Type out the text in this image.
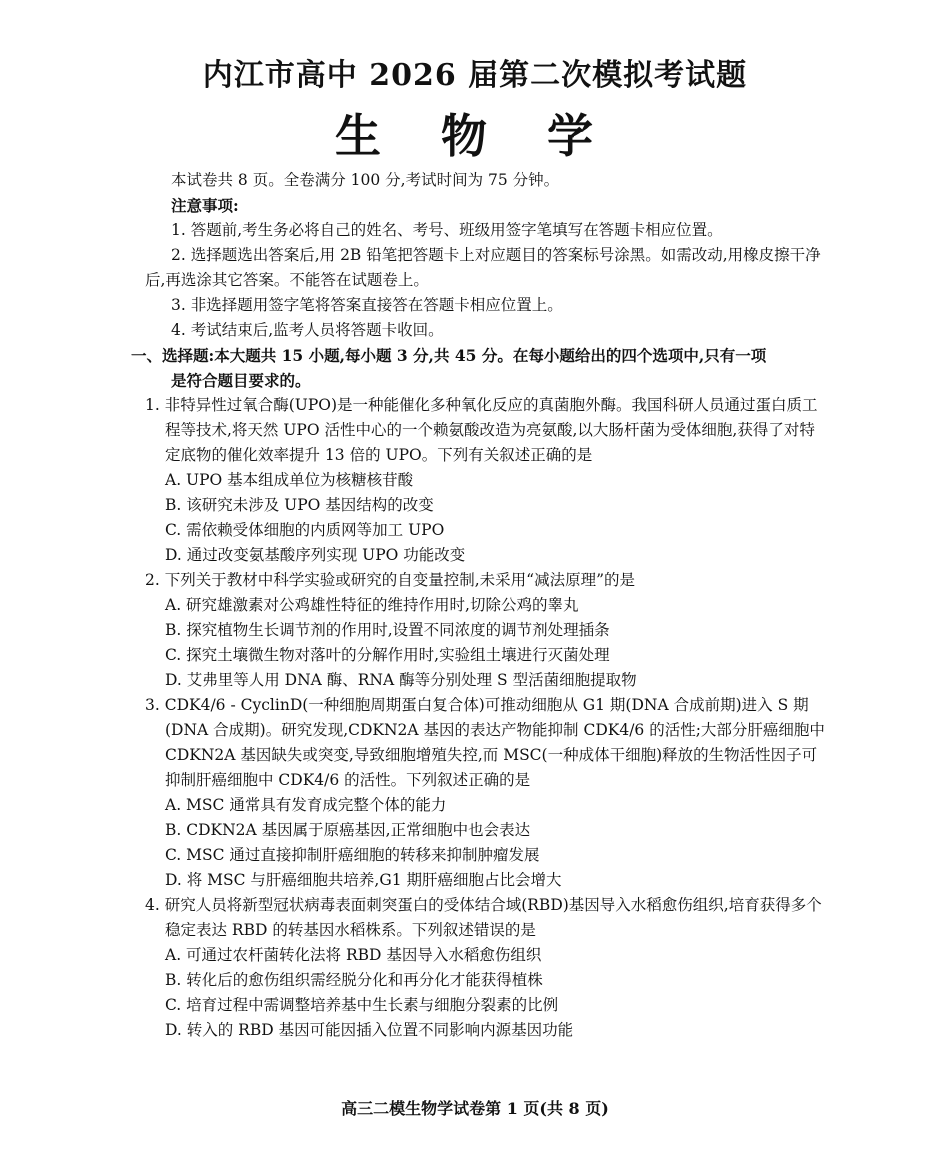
内江市高中 2026 届第二次模拟考试题
生 物 学
本试卷共 8 页。全卷满分 100 分,考试时间为 75 分钟。
注意事项:
1. 答题前,考生务必将自己的姓名、考号、班级用签字笔填写在答题卡相应位置。
2. 选择题选出答案后,用 2B 铅笔把答题卡上对应题目的答案标号涂黑。如需改动,用橡皮擦干净后,再选涂其它答案。不能答在试题卷上。
3. 非选择题用签字笔将答案直接答在答题卡相应位置上。
4. 考试结束后,监考人员将答题卡收回。
一、选择题:本大题共 15 小题,每小题 3 分,共 45 分。在每小题给出的四个选项中,只有一项
是符合题目要求的。
1. 非特异性过氧合酶(UPO)是一种能催化多种氧化反应的真菌胞外酶。我国科研人员通过蛋白质工程等技术,将天然 UPO 活性中心的一个赖氨酸改造为亮氨酸,以大肠杆菌为受体细胞,获得了对特定底物的催化效率提升 13 倍的 UPO。下列有关叙述正确的是
A. UPO 基本组成单位为核糖核苷酸
B. 该研究未涉及 UPO 基因结构的改变
C. 需依赖受体细胞的内质网等加工 UPO
D. 通过改变氨基酸序列实现 UPO 功能改变
2. 下列关于教材中科学实验或研究的自变量控制,未采用“减法原理”的是
A. 研究雄激素对公鸡雄性特征的维持作用时,切除公鸡的睾丸
B. 探究植物生长调节剂的作用时,设置不同浓度的调节剂处理插条
C. 探究土壤微生物对落叶的分解作用时,实验组土壤进行灭菌处理
D. 艾弗里等人用 DNA 酶、RNA 酶等分别处理 S 型活菌细胞提取物
3. CDK4/6 - CyclinD(一种细胞周期蛋白复合体)可推动细胞从 G1 期(DNA 合成前期)进入 S 期(DNA 合成期)。研究发现,CDKN2A 基因的表达产物能抑制 CDK4/6 的活性;大部分肝癌细胞中 CDKN2A 基因缺失或突变,导致细胞增殖失控,而 MSC(一种成体干细胞)释放的生物活性因子可抑制肝癌细胞中 CDK4/6 的活性。下列叙述正确的是
A. MSC 通常具有发育成完整个体的能力
B. CDKN2A 基因属于原癌基因,正常细胞中也会表达
C. MSC 通过直接抑制肝癌细胞的转移来抑制肿瘤发展
D. 将 MSC 与肝癌细胞共培养,G1 期肝癌细胞占比会增大
4. 研究人员将新型冠状病毒表面刺突蛋白的受体结合域(RBD)基因导入水稻愈伤组织,培育获得多个稳定表达 RBD 的转基因水稻株系。下列叙述错误的是
A. 可通过农杆菌转化法将 RBD 基因导入水稻愈伤组织
B. 转化后的愈伤组织需经脱分化和再分化才能获得植株
C. 培育过程中需调整培养基中生长素与细胞分裂素的比例
D. 转入的 RBD 基因可能因插入位置不同影响内源基因功能
高三二模生物学试卷第 1 页(共 8 页)
